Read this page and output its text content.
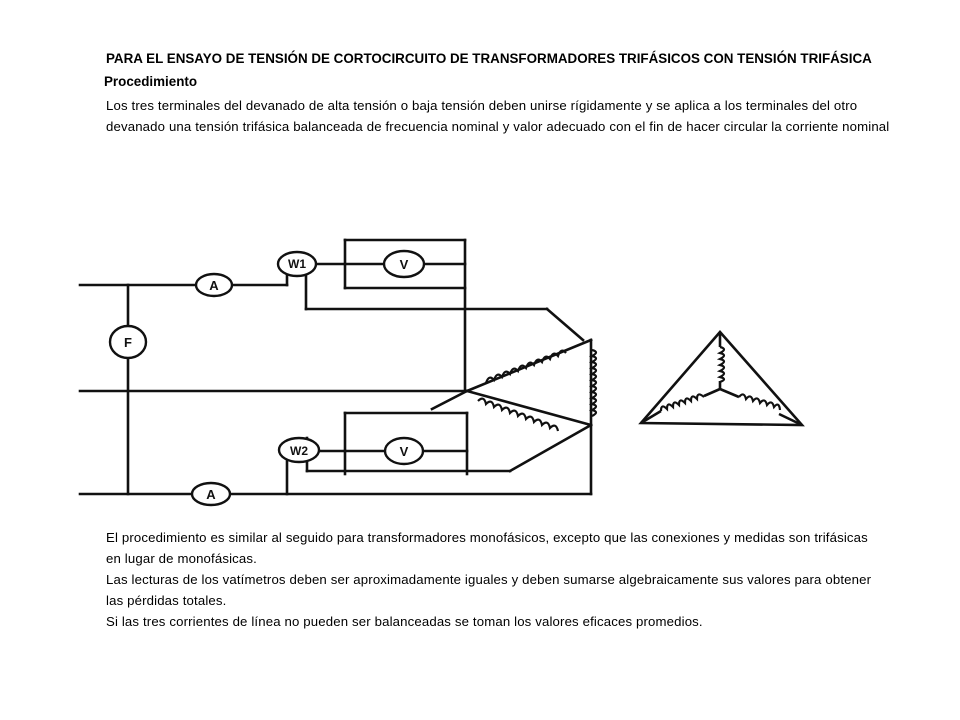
PARA EL ENSAYO DE TENSIÓN DE CORTOCIRCUITO DE TRANSFORMADORES TRIFÁSICOS CON TENSIÓN TRIFÁSICA
Procedimiento
Los tres terminales del devanado de alta tensión o baja tensión deben unirse rígidamente y se aplica a los terminales del otro devanado una tensión trifásica balanceada de frecuencia nominal y valor adecuado con el fin de hacer circular la corriente nominal
A
A
F
W1
W2
V
V
El procedimiento es similar al seguido para transformadores monofásicos, excepto que las conexiones y medidas son trifásicas en lugar de monofásicas.
Las lecturas de los vatímetros deben ser aproximadamente iguales y deben sumarse algebraicamente sus valores para obtener las pérdidas totales.
Si las tres corrientes de línea no pueden ser balanceadas se toman los valores eficaces promedios.
